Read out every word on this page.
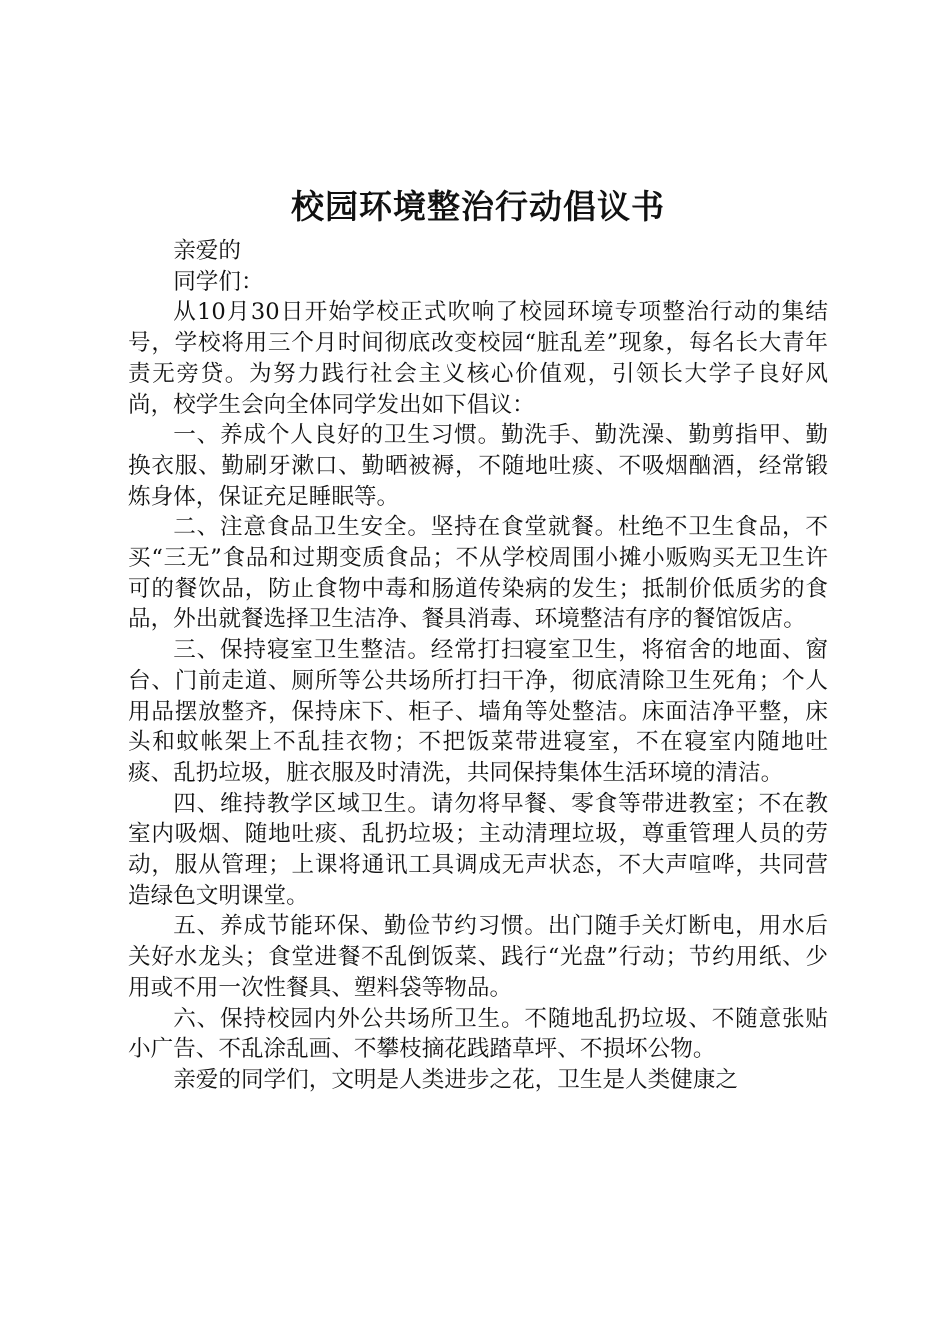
校园环境整治行动倡议书

亲爱的

同学们：

从10月30日开始学校正式吹响了校园环境专项整治行动的集结号，学校将用三个月时间彻底改变校园“脏乱差”现象，每名长大青年责无旁贷。为努力践行社会主义核心价值观，引领长大学子良好风尚，校学生会向全体同学发出如下倡议：

一、养成个人良好的卫生习惯。勤洗手、勤洗澡、勤剪指甲、勤换衣服、勤刷牙漱口、勤晒被褥，不随地吐痰、不吸烟酗酒，经常锻炼身体，保证充足睡眠等。

二、注意食品卫生安全。坚持在食堂就餐。杜绝不卫生食品，不买“三无”食品和过期变质食品；不从学校周围小摊小贩购买无卫生许可的餐饮品，防止食物中毒和肠道传染病的发生；抵制价低质劣的食品，外出就餐选择卫生洁净、餐具消毒、环境整洁有序的餐馆饭店。

三、保持寝室卫生整洁。经常打扫寝室卫生，将宿舍的地面、窗台、门前走道、厕所等公共场所打扫干净，彻底清除卫生死角；个人用品摆放整齐，保持床下、柜子、墙角等处整洁。床面洁净平整，床头和蚊帐架上不乱挂衣物；不把饭菜带进寝室，不在寝室内随地吐痰、乱扔垃圾，脏衣服及时清洗，共同保持集体生活环境的清洁。

四、维持教学区域卫生。请勿将早餐、零食等带进教室；不在教室内吸烟、随地吐痰、乱扔垃圾；主动清理垃圾，尊重管理人员的劳动，服从管理；上课将通讯工具调成无声状态，不大声喧哗，共同营造绿色文明课堂。

五、养成节能环保、勤俭节约习惯。出门随手关灯断电，用水后关好水龙头；食堂进餐不乱倒饭菜、践行“光盘”行动；节约用纸、少用或不用一次性餐具、塑料袋等物品。

六、保持校园内外公共场所卫生。不随地乱扔垃圾、不随意张贴小广告、不乱涂乱画、不攀枝摘花践踏草坪、不损坏公物。

亲爱的同学们，文明是人类进步之花，卫生是人类健康之
